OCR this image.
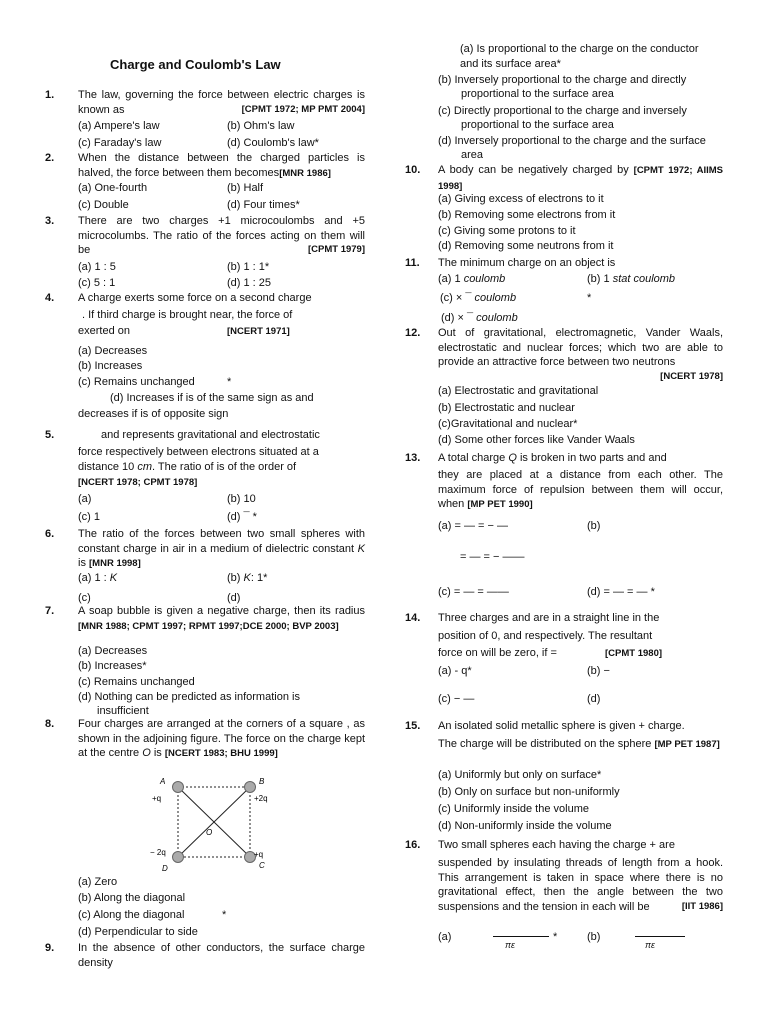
Charge and Coulomb's Law
1. The law, governing the force between electric charges is known as	[CPMT 1972; MP PMT 2004]
(a) Ampere's law	(b) Ohm's law
(c) Faraday's law	(d) Coulomb's law*
2. When the distance between the charged particles is halved, the force between them becomes[MNR 1986]
(a) One-fourth	(b) Half
(c) Double	(d) Four times*
3. There are two charges +1 microcoulombs and +5 microcolumbs. The ratio of the forces acting on them will be	[CPMT 1979]
(a) 1 : 5	(b) 1 : 1*
(c) 5 : 1	(d) 1 : 25
4. A charge exerts some force on a second charge
. If third charge is brought near, the force of
exerted on	[NCERT 1971]
(a) Decreases
(b) Increases
(c) Remains unchanged	*
(d) Increases if is of the same sign as and
decreases if is of opposite sign
5.	and represents gravitational and electrostatic
force respectively between electrons situated at a
distance 10 cm. The ratio of is of the order of
[NCERT 1978; CPMT 1978]
(a)	(b) 10
(c) 1	(d) ¯ *
6. The ratio of the forces between two small spheres with constant charge in air in a medium of dielectric constant K is [MNR 1998]
(a) 1 : K	(b) K: 1*
(c)	(d)
7. A soap bubble is given a negative charge, then its radius [MNR 1988; CPMT 1997; RPMT 1997;DCE 2000; BVP 2003]
(a) Decreases
(b) Increases*
(c) Remains unchanged
(d) Nothing can be predicted as information is
insufficient
8. Four charges are arranged at the corners of a square , as shown in the adjoining figure. The force on the charge kept at the centre O is [NCERT 1983; BHU 1999]
A	B
C
D
O
+q	+2q
+q
− 2q
(a) Zero
(b) Along the diagonal
(c) Along the diagonal	*
(d) Perpendicular to side
9. In the absence of other conductors, the surface charge density
(a) Is proportional to the charge on the conductor
and its surface area*
(b) Inversely proportional to the charge and directly
proportional to the surface area
(c) Directly proportional to the charge and inversely
proportional to the surface area
(d) Inversely proportional to the charge and the surface
area
10. A body can be negatively charged by [CPMT 1972; AIIMS 1998]
(a) Giving excess of electrons to it
(b) Removing some electrons from it
(c) Giving some protons to it
(d) Removing some neutrons from it
11. The minimum charge on an object is
(a) 1 coulomb	(b) 1 stat coulomb
(c) × ¯ coulomb	*
(d) × ¯ coulomb
12. Out of gravitational, electromagnetic, Vander Waals, electrostatic and nuclear forces; which two are able to provide an attractive force between two neutrons
[NCERT 1978]
(a) Electrostatic and gravitational
(b) Electrostatic and nuclear
(c)Gravitational and nuclear*
(d) Some other forces like Vander Waals
13. A total charge Q is broken in two parts and and
they are placed at a distance from each other. The maximum force of repulsion between them will occur, when [MP PET 1990]
(a) = — = − —	(b)
= — = − ——
(c) = — = ——	(d) = — = — *
14. Three charges and are in a straight line in the
position of 0, and respectively. The resultant
force on will be zero, if =	[CPMT 1980]
(a) - q*	(b) −
(c) − —	(d)
15. An isolated solid metallic sphere is given + charge.
The charge will be distributed on the sphere [MP PET 1987]
(a) Uniformly but only on surface*
(b) Only on surface but non-uniformly
(c) Uniformly inside the volume
(d) Non-uniformly inside the volume
16. Two small spheres each having the charge + are
suspended by insulating threads of length from a hook. This arrangement is taken in space where there is no gravitational effect, then the angle between the two suspensions and the tension in each will be	[IIT 1986]
(a)
πε
*	(b)
πε
